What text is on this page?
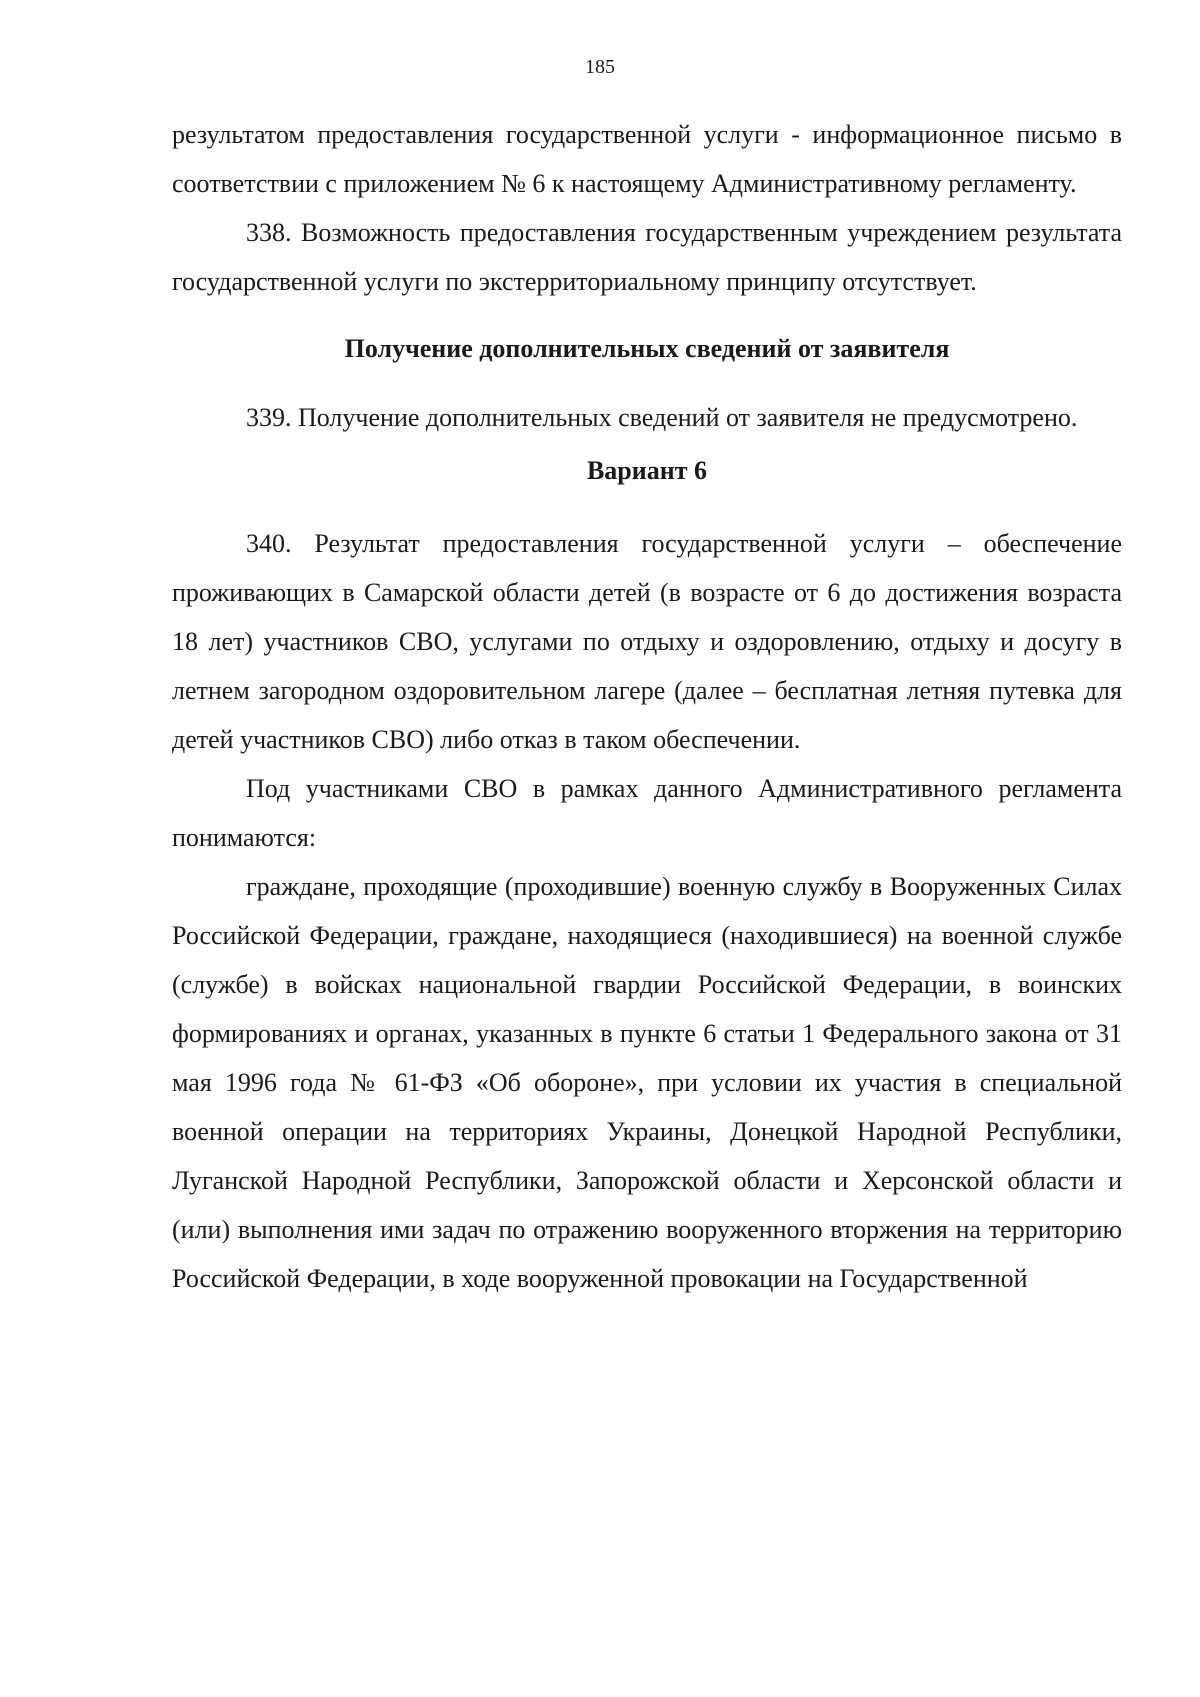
185

результатом предоставления государственной услуги - информационное письмо в соответствии с приложением № 6 к настоящему Административному регламенту.

338. Возможность предоставления государственным учреждением результата государственной услуги по экстерриториальному принципу отсутствует.

Получение дополнительных сведений от заявителя

339. Получение дополнительных сведений от заявителя не предусмотрено.

Вариант 6

340. Результат предоставления государственной услуги – обеспечение проживающих в Самарской области детей (в возрасте от 6 до достижения возраста 18 лет) участников СВО, услугами по отдыху и оздоровлению, отдыху и досугу в летнем загородном оздоровительном лагере (далее – бесплатная летняя путевка для детей участников СВО) либо отказ в таком обеспечении.

Под участниками СВО в рамках данного Административного регламента понимаются:

граждане, проходящие (проходившие) военную службу в Вооруженных Силах Российской Федерации, граждане, находящиеся (находившиеся) на военной службе (службе) в войсках национальной гвардии Российской Федерации, в воинских формированиях и органах, указанных в пункте 6 статьи 1 Федерального закона от 31 мая 1996 года № 61-ФЗ «Об обороне», при условии их участия в специальной военной операции на территориях Украины, Донецкой Народной Республики, Луганской Народной Республики, Запорожской области и Херсонской области и (или) выполнения ими задач по отражению вооруженного вторжения на территорию Российской Федерации, в ходе вооруженной провокации на Государственной
